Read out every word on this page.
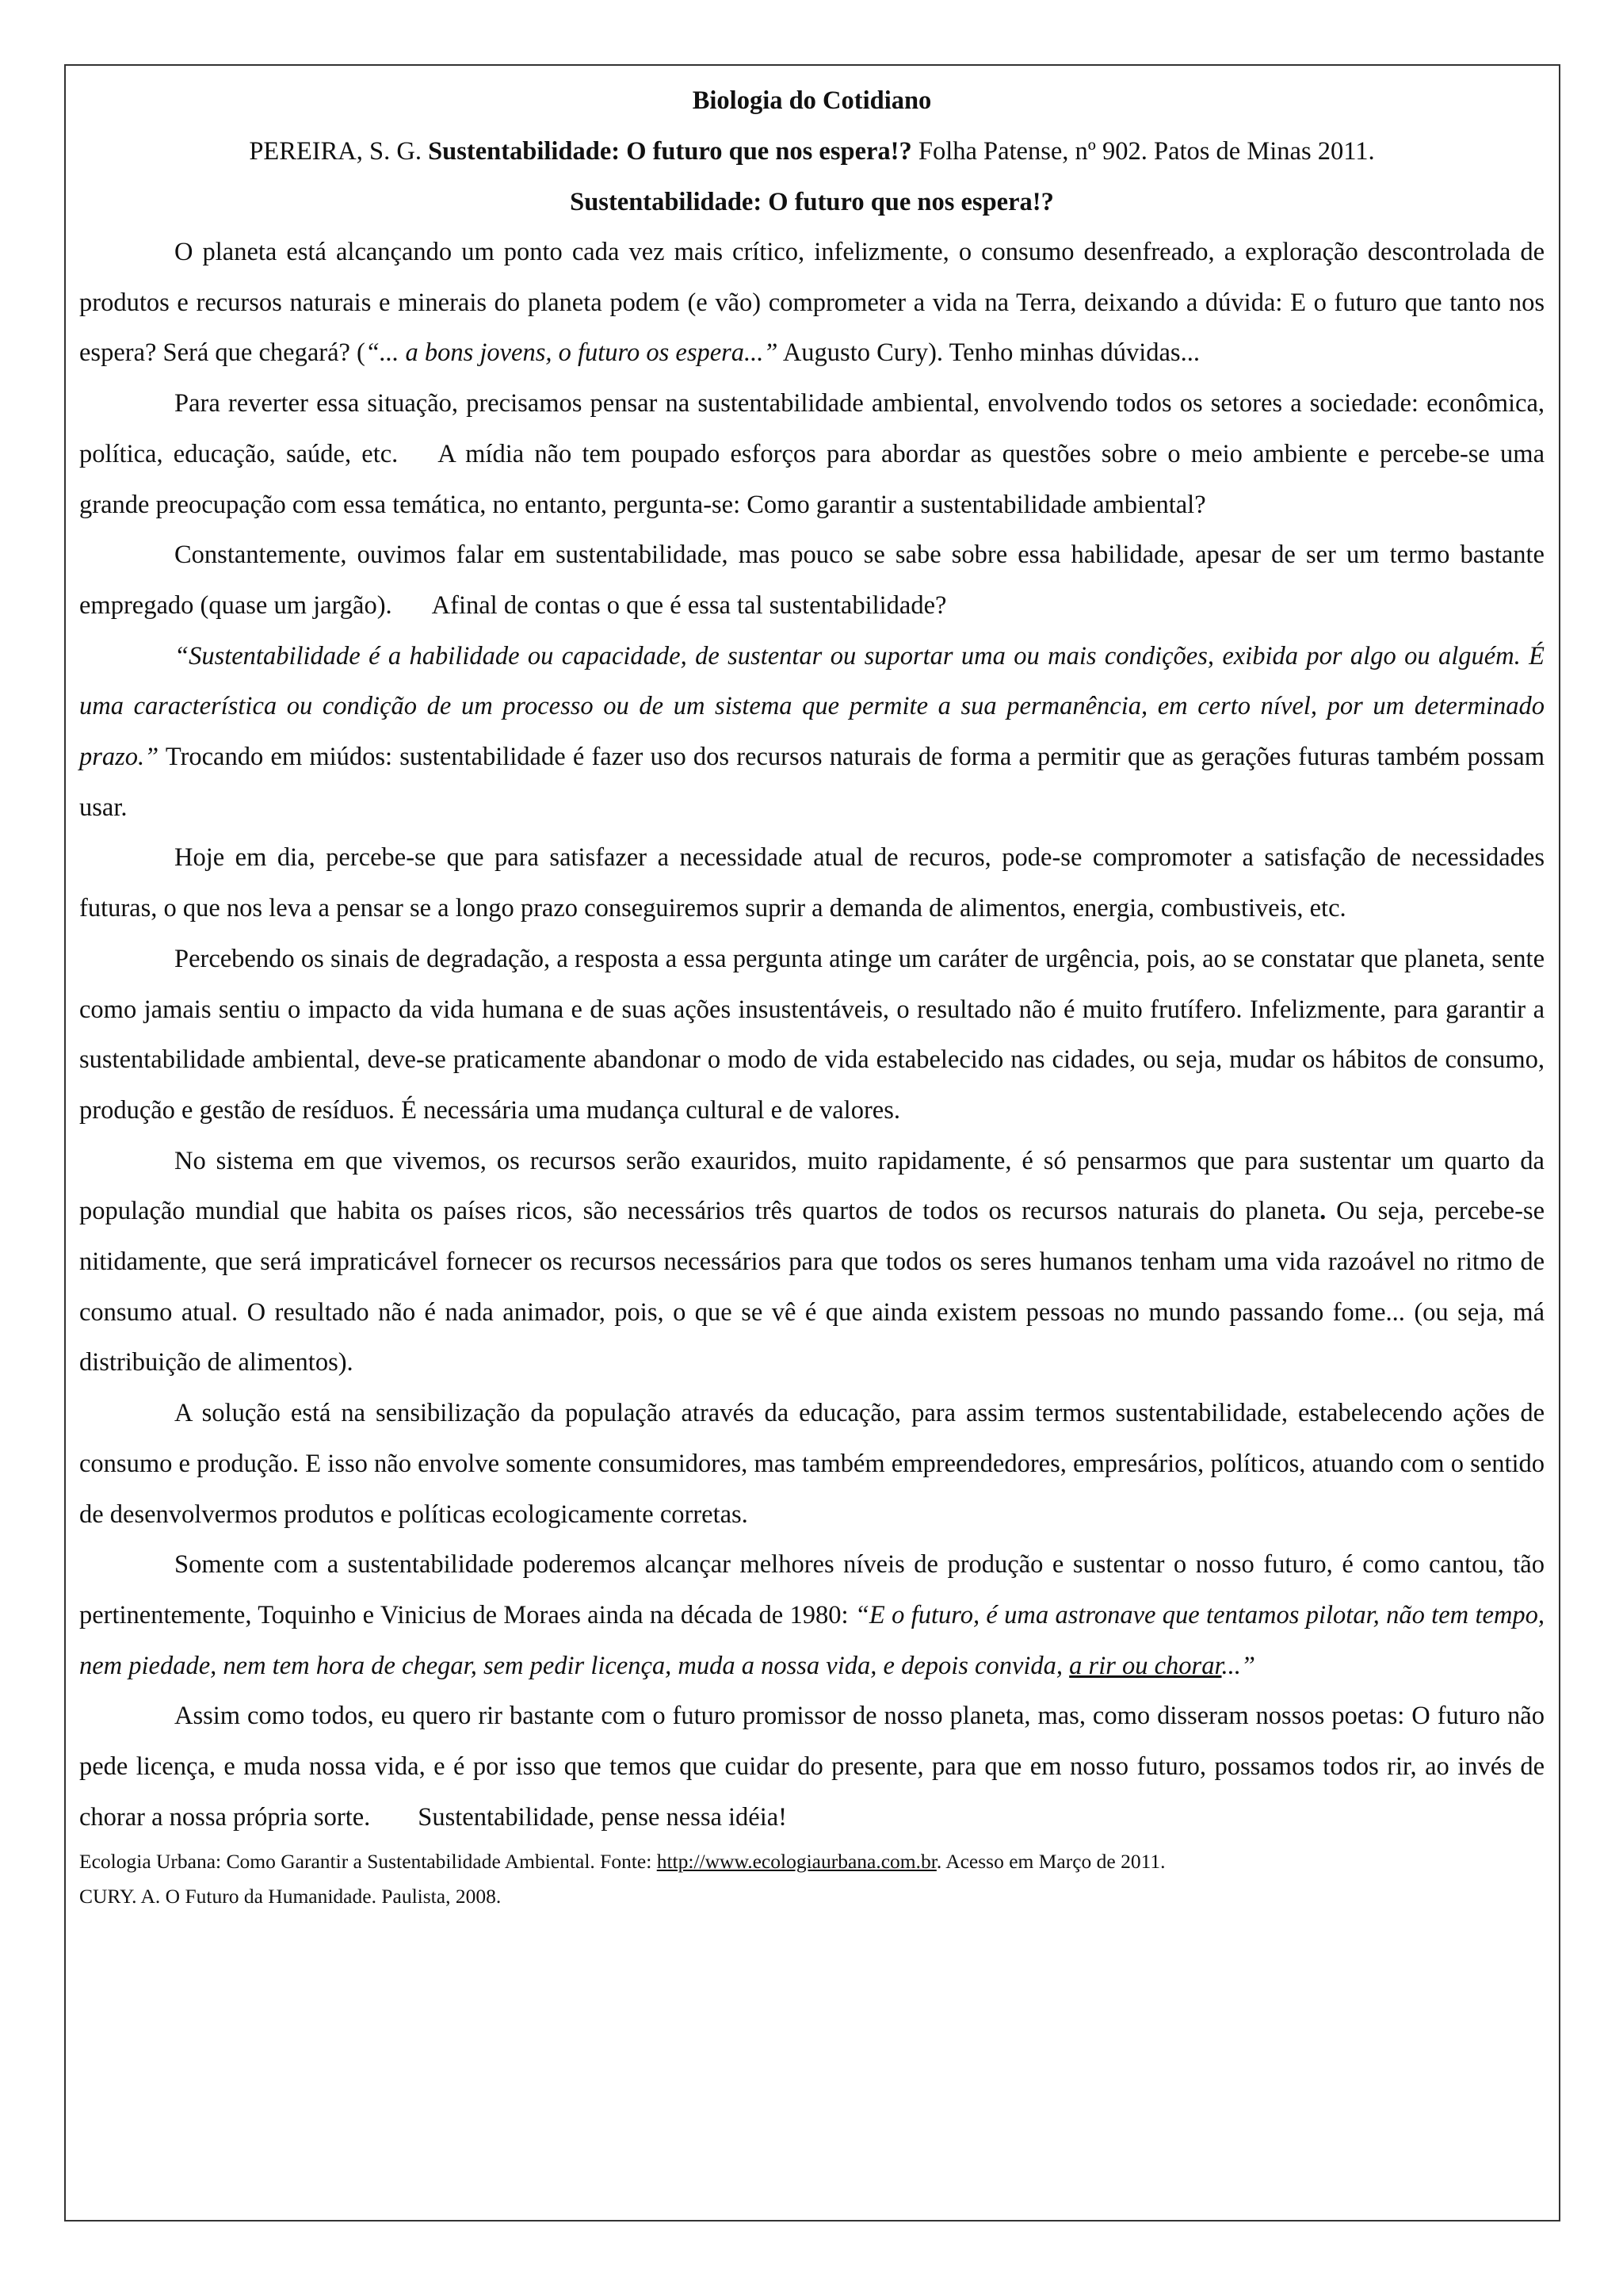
Biologia do Cotidiano

PEREIRA, S. G. Sustentabilidade: O futuro que nos espera!? Folha Patense, nº 902. Patos de Minas 2011.

Sustentabilidade: O futuro que nos espera!?

O planeta está alcançando um ponto cada vez mais crítico, infelizmente, o consumo desenfreado, a exploração descontrolada de produtos e recursos naturais e minerais do planeta podem (e vão) comprometer a vida na Terra, deixando a dúvida: E o futuro que tanto nos espera? Será que chegará? (“... a bons jovens, o futuro os espera...” Augusto Cury). Tenho minhas dúvidas...

Para reverter essa situação, precisamos pensar na sustentabilidade ambiental, envolvendo todos os setores a sociedade: econômica, política, educação, saúde, etc. A mídia não tem poupado esforços para abordar as questões sobre o meio ambiente e percebe-se uma grande preocupação com essa temática, no entanto, pergunta-se: Como garantir a sustentabilidade ambiental?

Constantemente, ouvimos falar em sustentabilidade, mas pouco se sabe sobre essa habilidade, apesar de ser um termo bastante empregado (quase um jargão). Afinal de contas o que é essa tal sustentabilidade?

“Sustentabilidade é a habilidade ou capacidade, de sustentar ou suportar uma ou mais condições, exibida por algo ou alguém. É uma característica ou condição de um processo ou de um sistema que permite a sua permanência, em certo nível, por um determinado prazo.” Trocando em miúdos: sustentabilidade é fazer uso dos recursos naturais de forma a permitir que as gerações futuras também possam usar.

Hoje em dia, percebe-se que para satisfazer a necessidade atual de recuros, pode-se compromoter a satisfação de necessidades futuras, o que nos leva a pensar se a longo prazo conseguiremos suprir a demanda de alimentos, energia, combustiveis, etc.

Percebendo os sinais de degradação, a resposta a essa pergunta atinge um caráter de urgência, pois, ao se constatar que planeta, sente como jamais sentiu o impacto da vida humana e de suas ações insustentáveis, o resultado não é muito frutífero. Infelizmente, para garantir a sustentabilidade ambiental, deve-se praticamente abandonar o modo de vida estabelecido nas cidades, ou seja, mudar os hábitos de consumo, produção e gestão de resíduos. É necessária uma mudança cultural e de valores.

No sistema em que vivemos, os recursos serão exauridos, muito rapidamente, é só pensarmos que para sustentar um quarto da população mundial que habita os países ricos, são necessários três quartos de todos os recursos naturais do planeta. Ou seja, percebe-se nitidamente, que será impraticável fornecer os recursos necessários para que todos os seres humanos tenham uma vida razoável no ritmo de consumo atual. O resultado não é nada animador, pois, o que se vê é que ainda existem pessoas no mundo passando fome... (ou seja, má distribuição de alimentos).

A solução está na sensibilização da população através da educação, para assim termos sustentabilidade, estabelecendo ações de consumo e produção. E isso não envolve somente consumidores, mas também empreendedores, empresários, políticos, atuando com o sentido de desenvolvermos produtos e políticas ecologicamente corretas.

Somente com a sustentabilidade poderemos alcançar melhores níveis de produção e sustentar o nosso futuro, é como cantou, tão pertinentemente, Toquinho e Vinicius de Moraes ainda na década de 1980: “E o futuro, é uma astronave que tentamos pilotar, não tem tempo, nem piedade, nem tem hora de chegar, sem pedir licença, muda a nossa vida, e depois convida, a rir ou chorar...”

Assim como todos, eu quero rir bastante com o futuro promissor de nosso planeta, mas, como disseram nossos poetas: O futuro não pede licença, e muda nossa vida, e é por isso que temos que cuidar do presente, para que em nosso futuro, possamos todos rir, ao invés de chorar a nossa própria sorte. Sustentabilidade, pense nessa idéia!

Ecologia Urbana: Como Garantir a Sustentabilidade Ambiental. Fonte: http://www.ecologiaurbana.com.br. Acesso em Março de 2011.

CURY. A. O Futuro da Humanidade. Paulista, 2008.
